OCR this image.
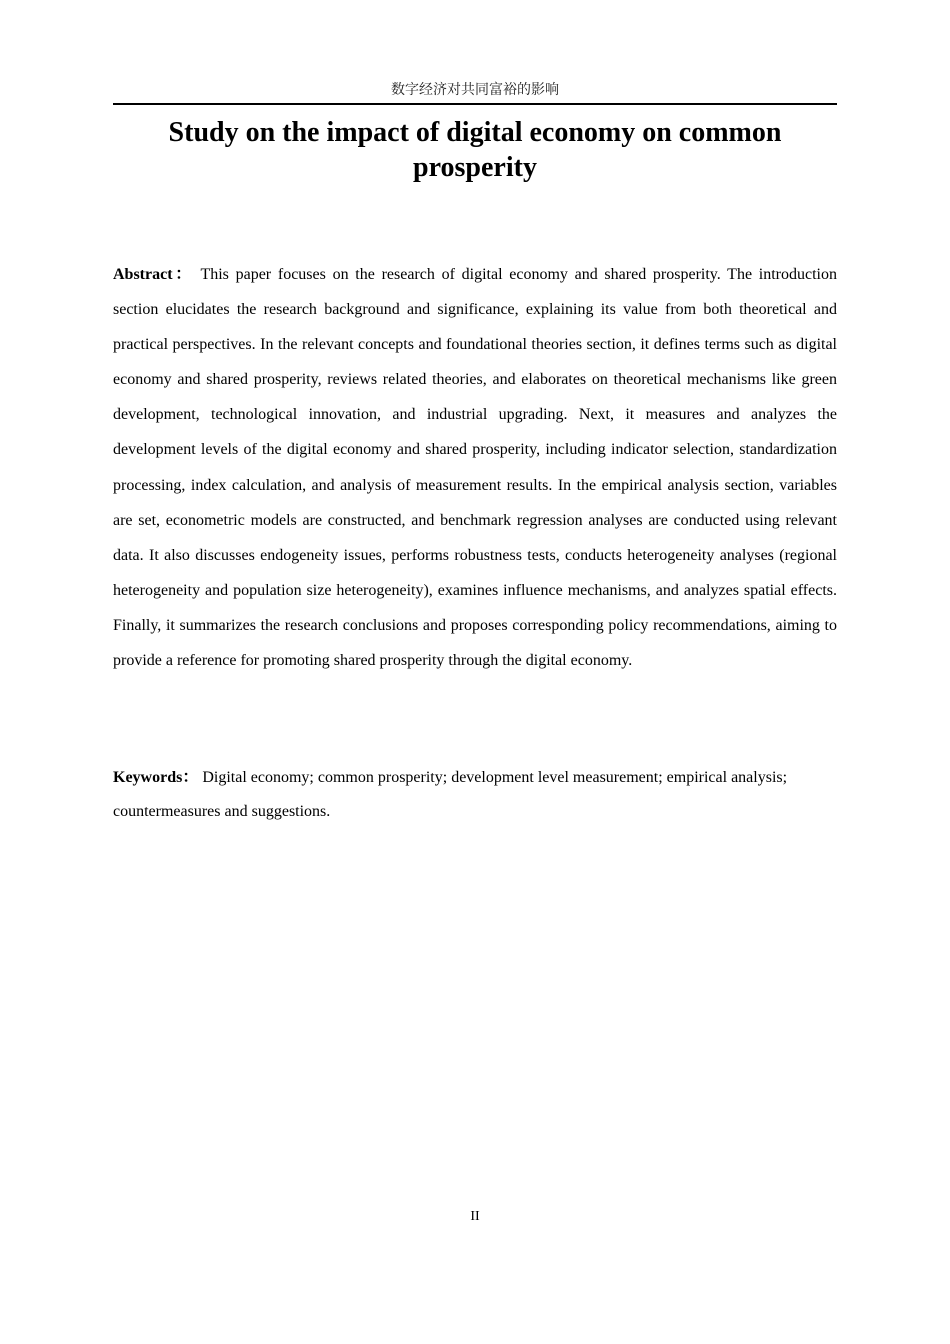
数字经济对共同富裕的影响
Study on the impact of digital economy on common prosperity

Abstract： This paper focuses on the research of digital economy and shared prosperity. The introduction section elucidates the research background and significance, explaining its value from both theoretical and practical perspectives. In the relevant concepts and foundational theories section, it defines terms such as digital economy and shared prosperity, reviews related theories, and elaborates on theoretical mechanisms like green development, technological innovation, and industrial upgrading. Next, it measures and analyzes the development levels of the digital economy and shared prosperity, including indicator selection, standardization processing, index calculation, and analysis of measurement results. In the empirical analysis section, variables are set, econometric models are constructed, and benchmark regression analyses are conducted using relevant data. It also discusses endogeneity issues, performs robustness tests, conducts heterogeneity analyses (regional heterogeneity and population size heterogeneity), examines influence mechanisms, and analyzes spatial effects. Finally, it summarizes the research conclusions and proposes corresponding policy recommendations, aiming to provide a reference for promoting shared prosperity through the digital economy.

Keywords： Digital economy; common prosperity; development level measurement; empirical analysis; countermeasures and suggestions.

II
